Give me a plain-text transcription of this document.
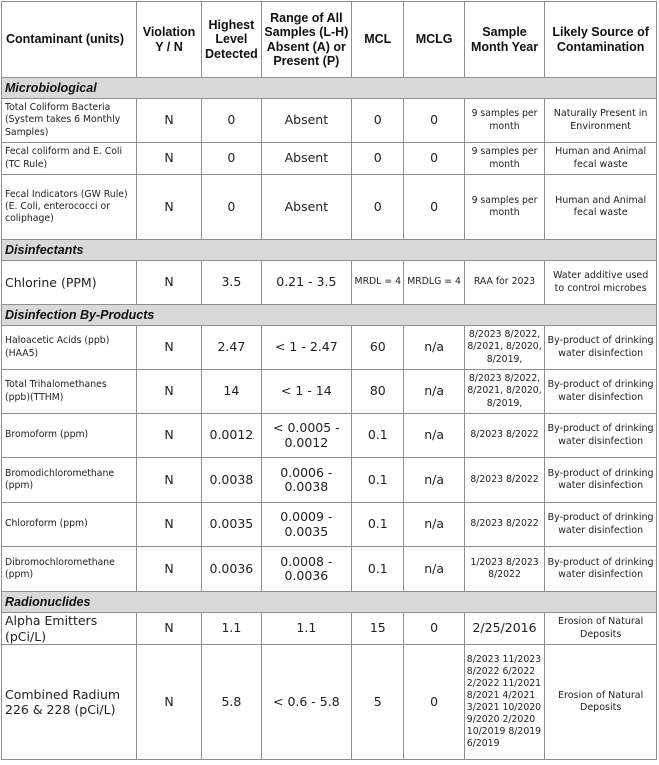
Contaminant (units)	Violation Y / N	Highest Level Detected	Range of All Samples (L-H) Absent (A) or Present (P)	MCL	MCLG	Sample Month Year	Likely Source of Contamination
Microbiological							
Total Coliform Bacteria (System takes 6 Monthly Samples)	N	0	Absent	0	0	9 samples per month	Naturally Present in Environment
Fecal coliform and E. Coli (TC Rule)	N	0	Absent	0	0	9 samples per month	Human and Animal fecal waste
Fecal Indicators (GW Rule) (E. Coli, enterococci or coliphage)	N	0	Absent	0	0	9 samples per month	Human and Animal fecal waste
Disinfectants							
Chlorine (PPM)	N	3.5	0.21 - 3.5	MRDL = 4	MRDLG = 4	RAA for 2023	Water additive used to control microbes
Disinfection By-Products							
Haloacetic Acids (ppb)(HAA5)	N	2.47	< 1 - 2.47	60	n/a	8/2023 8/2022, 8/2021, 8/2020, 8/2019,	By-product of drinking water disinfection
Total Trihalomethanes (ppb)(TTHM)	N	14	< 1 - 14	80	n/a	8/2023 8/2022, 8/2021, 8/2020, 8/2019,	By-product of drinking water disinfection
Bromoform (ppm)	N	0.0012	< 0.0005 - 0.0012	0.1	n/a	8/2023 8/2022	By-product of drinking water disinfection
Bromodichloromethane (ppm)	N	0.0038	0.0006 - 0.0038	0.1	n/a	8/2023 8/2022	By-product of drinking water disinfection
Chloroform (ppm)	N	0.0035	0.0009 - 0.0035	0.1	n/a	8/2023 8/2022	By-product of drinking water disinfection
Dibromochloromethane (ppm)	N	0.0036	0.0008 - 0.0036	0.1	n/a	1/2023 8/2023 8/2022	By-product of drinking water disinfection
Radionuclides							
Alpha Emitters (pCi/L)	N	1.1	1.1	15	0	2/25/2016	Erosion of Natural Deposits
Combined Radium 226 & 228 (pCi/L)	N	5.8	< 0.6 - 5.8	5	0	8/2023 11/2023 8/2022 6/2022 2/2022 11/2021 8/2021 4/2021 3/2021 10/2020 9/2020 2/2020 10/2019 8/2019 6/2019	Erosion of Natural Deposits
